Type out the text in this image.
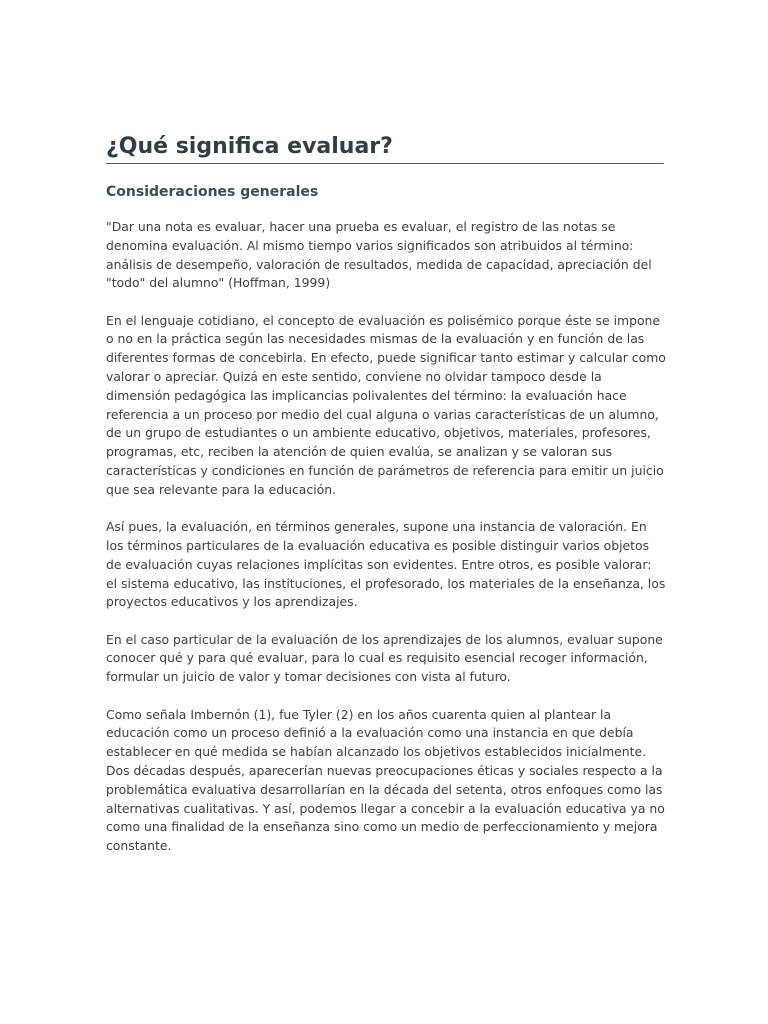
¿Qué significa evaluar?
Consideraciones generales

"Dar una nota es evaluar, hacer una prueba es evaluar, el registro de las notas se denomina evaluación. Al mismo tiempo varios significados son atribuidos al término: análisis de desempeño, valoración de resultados, medida de capacidad, apreciación del "todo" del alumno" (Hoffman, 1999)

En el lenguaje cotidiano, el concepto de evaluación es polisémico porque éste se impone o no en la práctica según las necesidades mismas de la evaluación y en función de las diferentes formas de concebirla. En efecto, puede significar tanto estimar y calcular como valorar o apreciar. Quizá en este sentido, conviene no olvidar tampoco desde la dimensión pedagógica las implicancias polivalentes del término: la evaluación hace referencia a un proceso por medio del cual alguna o varias características de un alumno, de un grupo de estudiantes o un ambiente educativo, objetivos, materiales, profesores, programas, etc, reciben la atención de quien evalúa, se analizan y se valoran sus características y condiciones en función de parámetros de referencia para emitir un juicio que sea relevante para la educación.

Así pues, la evaluación, en términos generales, supone una instancia de valoración. En los términos particulares de la evaluación educativa es posible distinguir varios objetos de evaluación cuyas relaciones implícitas son evidentes. Entre otros, es posible valorar: el sistema educativo, las instituciones, el profesorado, los materiales de la enseñanza, los proyectos educativos y los aprendizajes.

En el caso particular de la evaluación de los aprendizajes de los alumnos, evaluar supone conocer qué y para qué evaluar, para lo cual es requisito esencial recoger información, formular un juicio de valor y tomar decisiones con vista al futuro.

Como señala Imbernón (1), fue Tyler (2) en los años cuarenta quien al plantear la educación como un proceso definió a la evaluación como una instancia en que debía establecer en qué medida se habían alcanzado los objetivos establecidos inicialmente. Dos décadas después, aparecerían nuevas preocupaciones éticas y sociales respecto a la problemática evaluativa desarrollarían en la década del setenta, otros enfoques como las alternativas cualitativas. Y así, podemos llegar a concebir a la evaluación educativa ya no como una finalidad de la enseñanza sino como un medio de perfeccionamiento y mejora constante.
